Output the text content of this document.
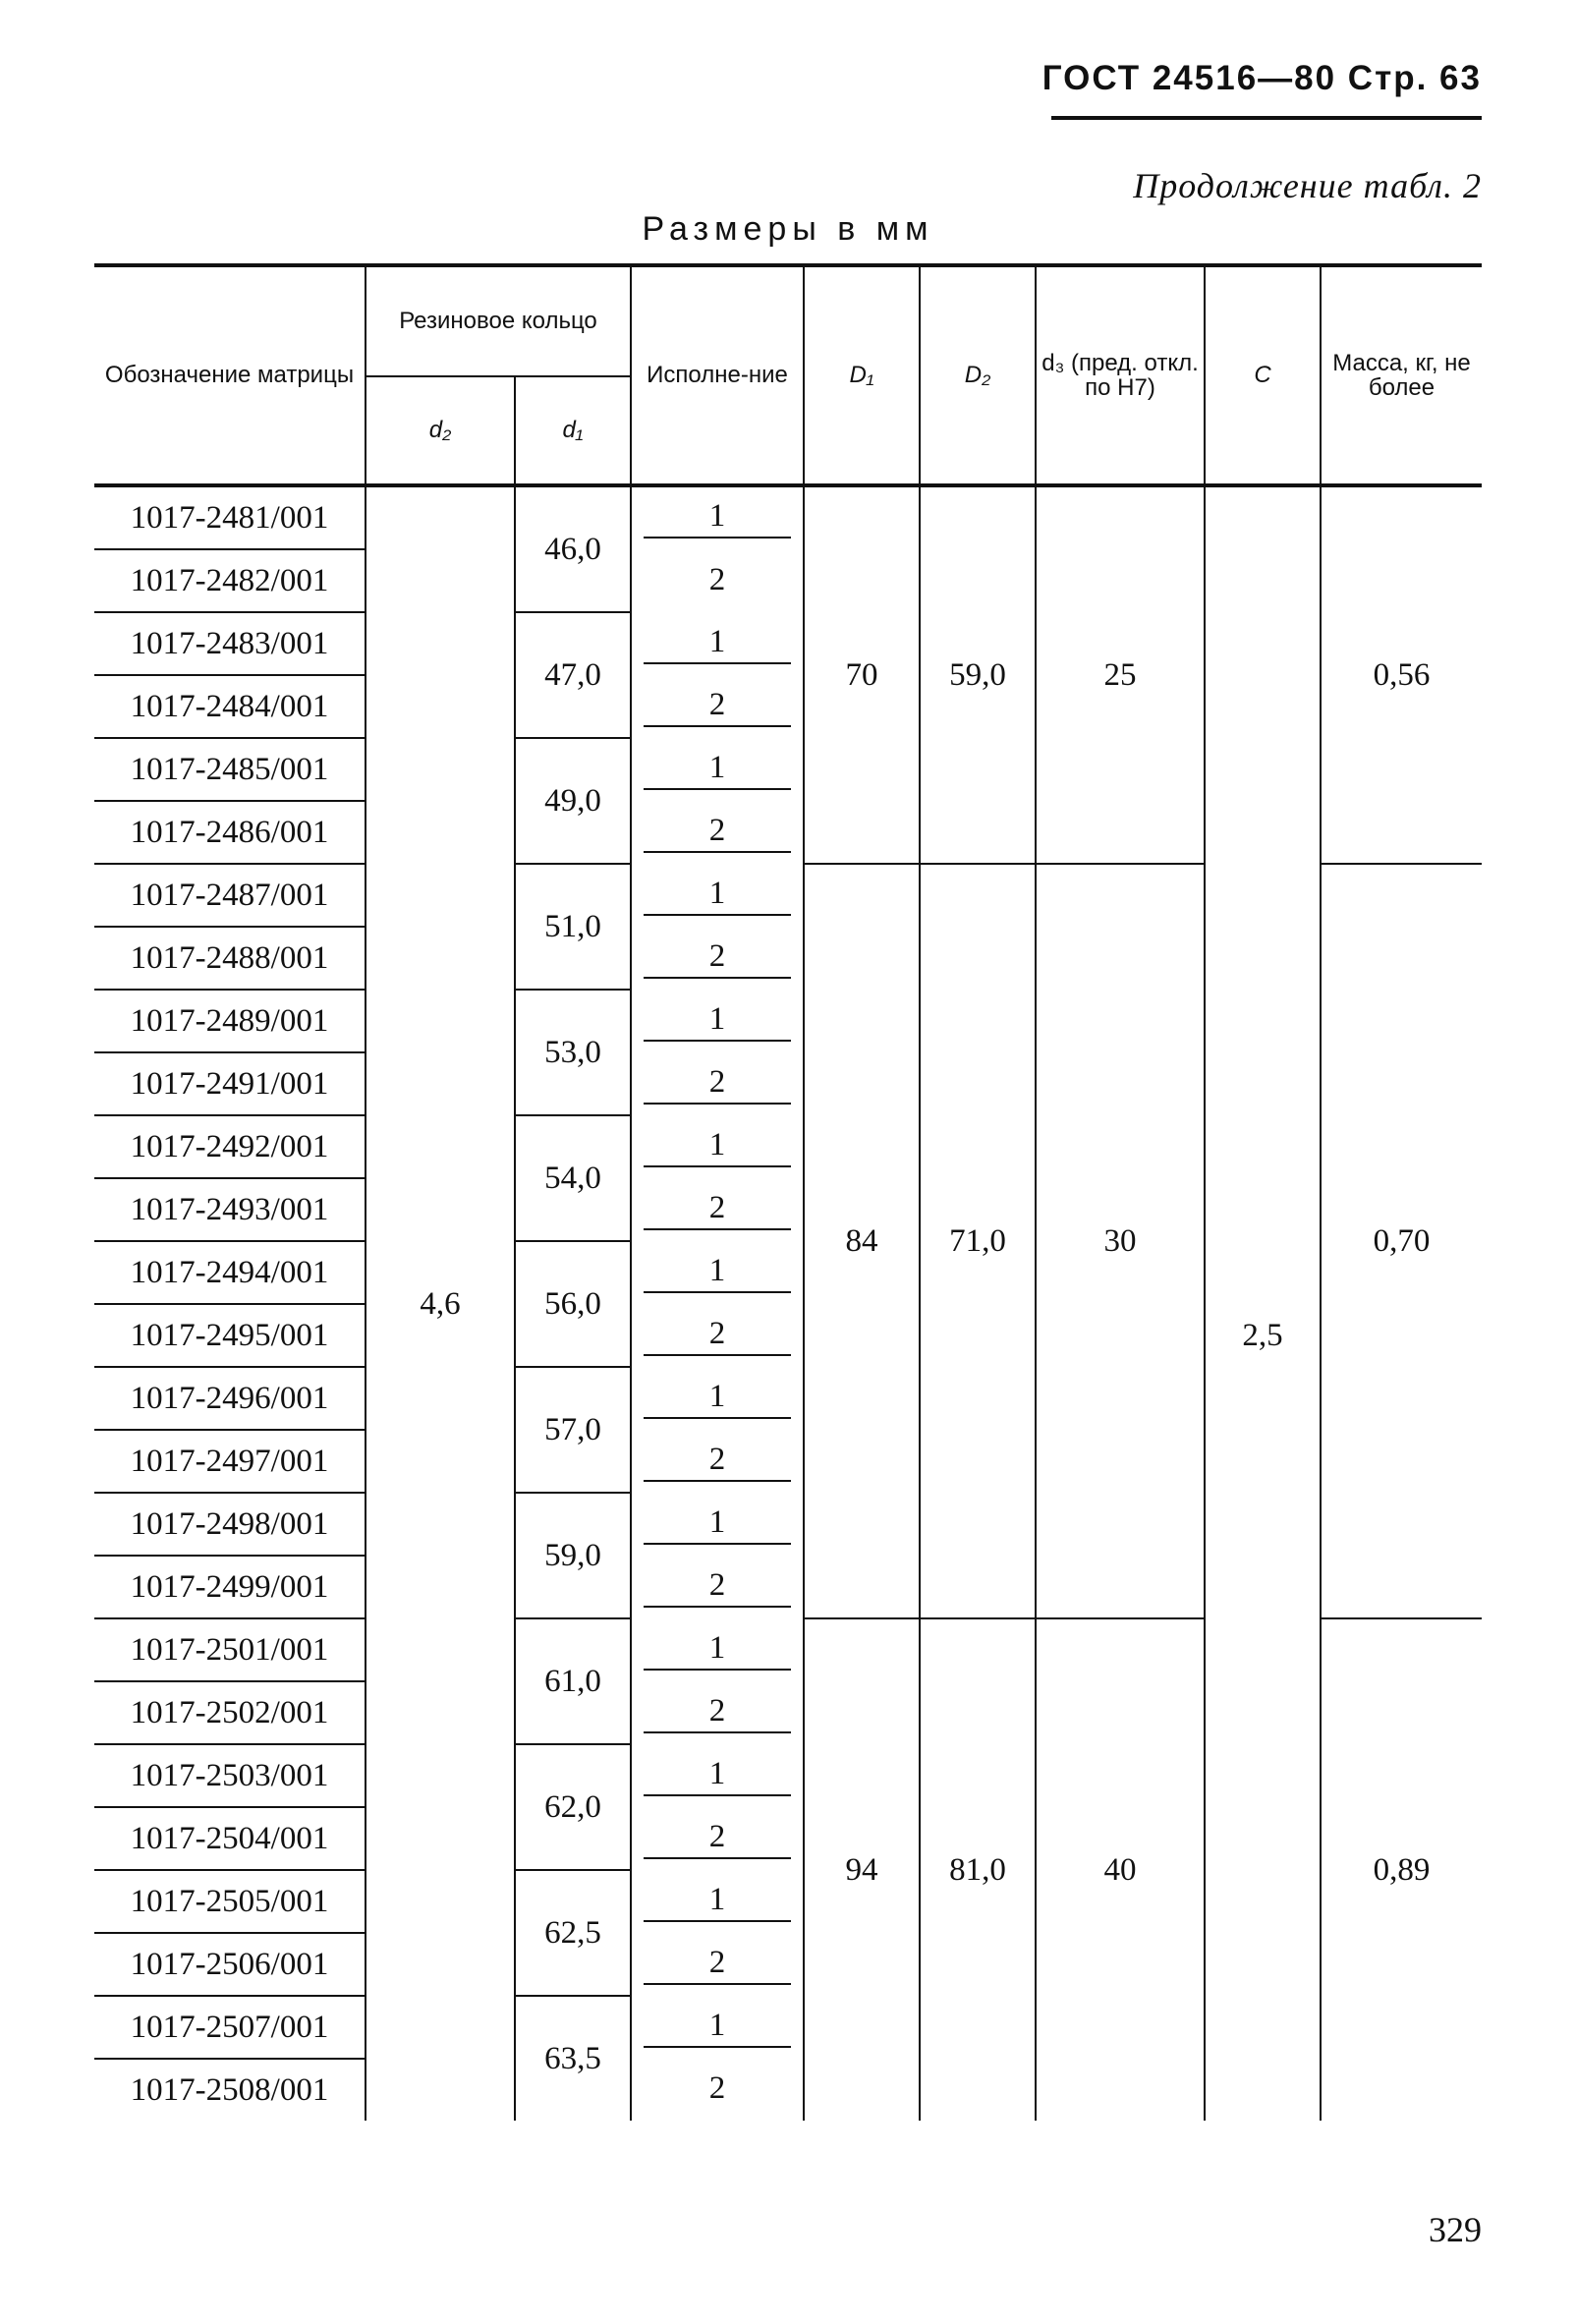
ГОСТ 24516—80 Стр. 63
Продолжение табл. 2
Размеры в мм
Обозначение матрицы	Резиновое кольцо		Исполне-ние	D₁	D₂	d₃ (пред. откл. по Н7)	C	Масса, кг, не более
	d₂	d₁						
1017-2481/001	4,6	46,0	1	70	59,0	25	2,5	0,56
1017-2482/001			2					
1017-2483/001		47,0	1					
1017-2484/001			2					
1017-2485/001		49,0	1					
1017-2486/001			2					
1017-2487/001		51,0	1	84	71,0	30		0,70
1017-2488/001			2					
1017-2489/001		53,0	1					
1017-2491/001			2					
1017-2492/001		54,0	1					
1017-2493/001			2					
1017-2494/001		56,0	1					
1017-2495/001			2					
1017-2496/001		57,0	1					
1017-2497/001			2					
1017-2498/001		59,0	1					
1017-2499/001			2					
1017-2501/001		61,0	1	94	81,0	40		0,89
1017-2502/001			2					
1017-2503/001		62,0	1					
1017-2504/001			2					
1017-2505/001		62,5	1					
1017-2506/001			2					
1017-2507/001		63,5	1					
1017-2508/001			2					
329
